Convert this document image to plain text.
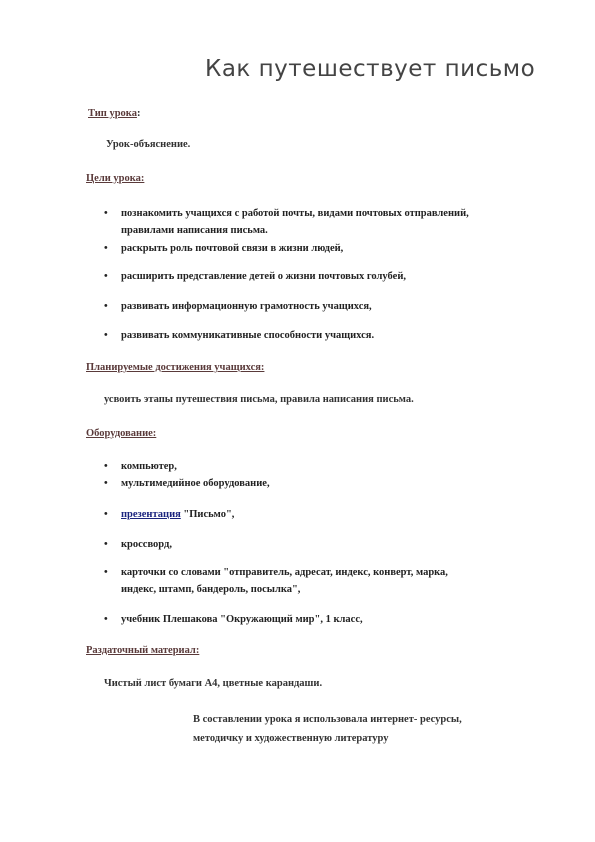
Как путешествует письмо
Тип урока:
Урок-объяснение.
Цели урока:
• познакомить учащихся с работой почты, видами почтовых отправлений,
правилами написания письма.
• раскрыть роль почтовой связи в жизни людей,
• расширить представление детей о жизни почтовых голубей,
• развивать информационную грамотность учащихся,
• развивать коммуникативные способности учащихся.
Планируемые достижения учащихся:
усвоить этапы путешествия письма, правила написания письма.
Оборудование:
• компьютер,
• мультимедийное оборудование,
• презентация "Письмо",
• кроссворд,
• карточки со словами "отправитель, адресат, индекс, конверт, марка,
индекс, штамп, бандероль, посылка",
• учебник Плешакова "Окружающий мир", 1 класс,
Раздаточный материал:
Чистый лист бумаги А4, цветные карандаши.
В составлении урока я использовала интернет- ресурсы,
методичку и художественную литературу
